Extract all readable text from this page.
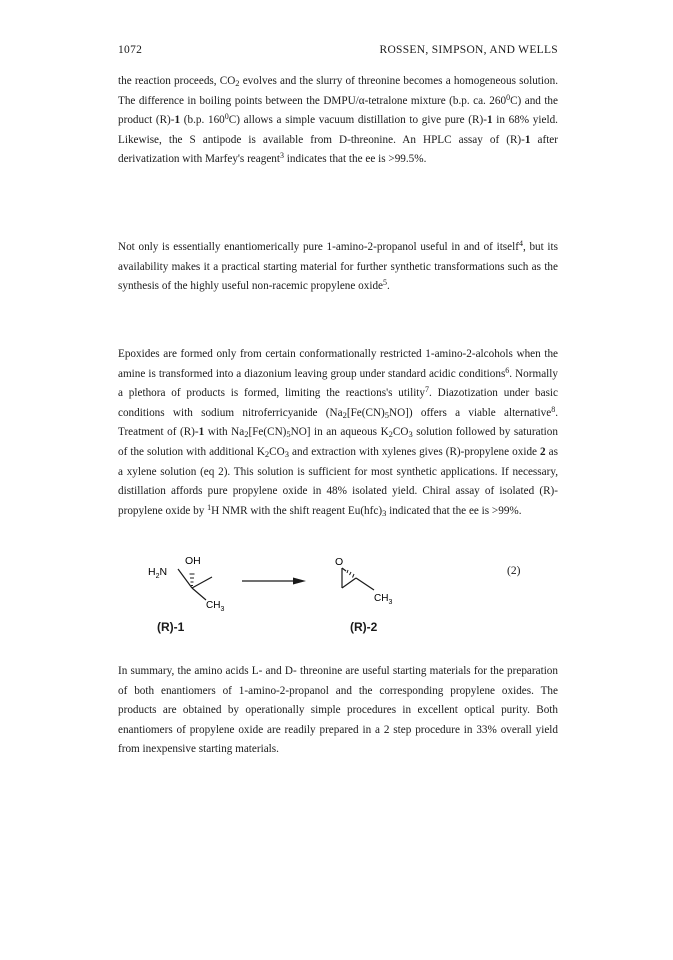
1072	ROSSEN, SIMPSON, AND WELLS

the reaction proceeds, $CO_2$ evolves and the slurry of threonine becomes a homogeneous solution. The difference in boiling points between the DMPU/α-tetralone mixture (b.p. ca. $260^0C$) and the product (R)-1 (b.p. $160^0C$) allows a simple vacuum distillation to give pure (R)-1 in 68% yield. Likewise, the S antipode is available from D-threonine. An HPLC assay of (R)-1 after derivatization with Marfey's reagent$^3$ indicates that the ee is >99.5%.

Not only is essentially enantiomerically pure 1-amino-2-propanol useful in and of itself$^4$, but its availability makes it a practical starting material for further synthetic transformations such as the synthesis of the highly useful non-racemic propylene oxide$^5$.

Epoxides are formed only from certain conformationally restricted 1-amino-2-alcohols when the amine is transformed into a diazonium leaving group under standard acidic conditions$^6$. Normally a plethora of products is formed, limiting the reactions's utility$^7$. Diazotization under basic conditions with sodium nitroferricyanide $(Na_2[Fe(CN)_5NO])$ offers a viable alternative$^8$. Treatment of (R)-1 with $Na_2[Fe(CN)_5NO]$ in an aqueous $K_2CO_3$ solution followed by saturation of the solution with additional $K_2CO_3$ and extraction with xylenes gives (R)-propylene oxide 2 as a xylene solution (eq 2). This solution is sufficient for most synthetic applications. If necessary, distillation affords pure propylene oxide in 48% isolated yield. Chiral assay of isolated (R)-propylene oxide by $^1$H NMR with the shift reagent $Eu(hfc)_3$ indicated that the ee is >99%.

OH
$H_2N$
$CH_3$
O
$CH_3$
(2)
(R)-1	(R)-2

In summary, the amino acids L- and D- threonine are useful starting materials for the preparation of both enantiomers of 1-amino-2-propanol and the corresponding propylene oxides. The products are obtained by operationally simple procedures in excellent optical purity. Both enantiomers of propylene oxide are readily prepared in a 2 step procedure in 33% overall yield from inexpensive starting materials.
